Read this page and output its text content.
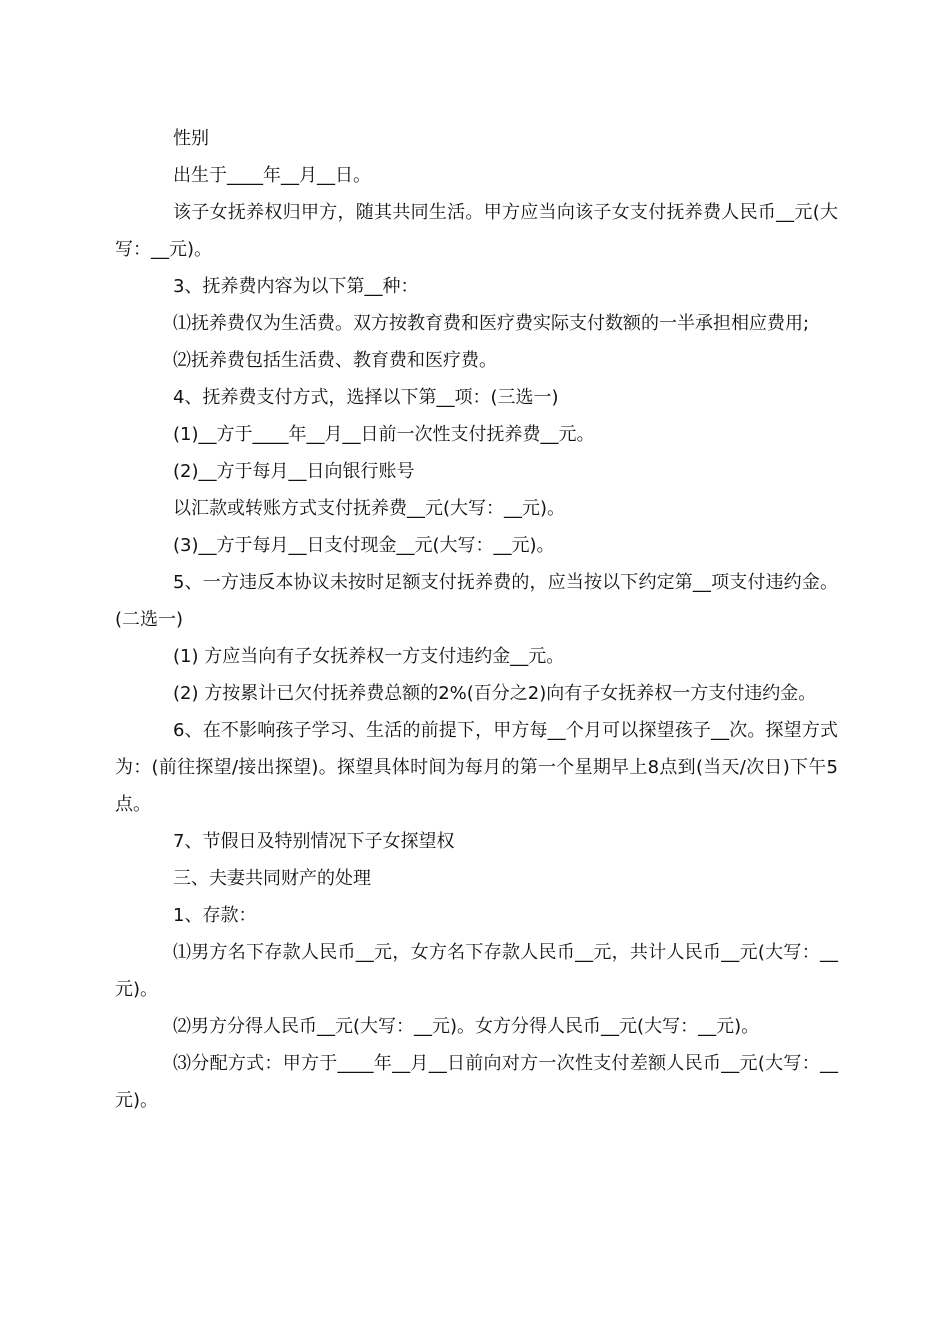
性别

出生于____年__月__日。

该子女抚养权归甲方，随其共同生活。甲方应当向该子女支付抚养费人民币__元(大写：__元)。

3、抚养费内容为以下第__种：

⑴抚养费仅为生活费。双方按教育费和医疗费实际支付数额的一半承担相应费用;

⑵抚养费包括生活费、教育费和医疗费。

4、抚养费支付方式，选择以下第__项：(三选一)

(1)__方于____年__月__日前一次性支付抚养费__元。

(2)__方于每月__日向银行账号

以汇款或转账方式支付抚养费__元(大写：__元)。

(3)__方于每月__日支付现金__元(大写：__元)。

5、一方违反本协议未按时足额支付抚养费的，应当按以下约定第__项支付违约金。(二选一)

(1) 方应当向有子女抚养权一方支付违约金__元。

(2) 方按累计已欠付抚养费总额的2%(百分之2)向有子女抚养权一方支付违约金。

6、在不影响孩子学习、生活的前提下，甲方每__个月可以探望孩子__次。探望方式为：(前往探望/接出探望)。探望具体时间为每月的第一个星期早上8点到(当天/次日)下午5点。

7、节假日及特别情况下子女探望权

三、夫妻共同财产的处理

1、存款：

⑴男方名下存款人民币__元，女方名下存款人民币__元，共计人民币__元(大写：__元)。

⑵男方分得人民币__元(大写：__元)。女方分得人民币__元(大写：__元)。

⑶分配方式：甲方于____年__月__日前向对方一次性支付差额人民币__元(大写：__元)。
